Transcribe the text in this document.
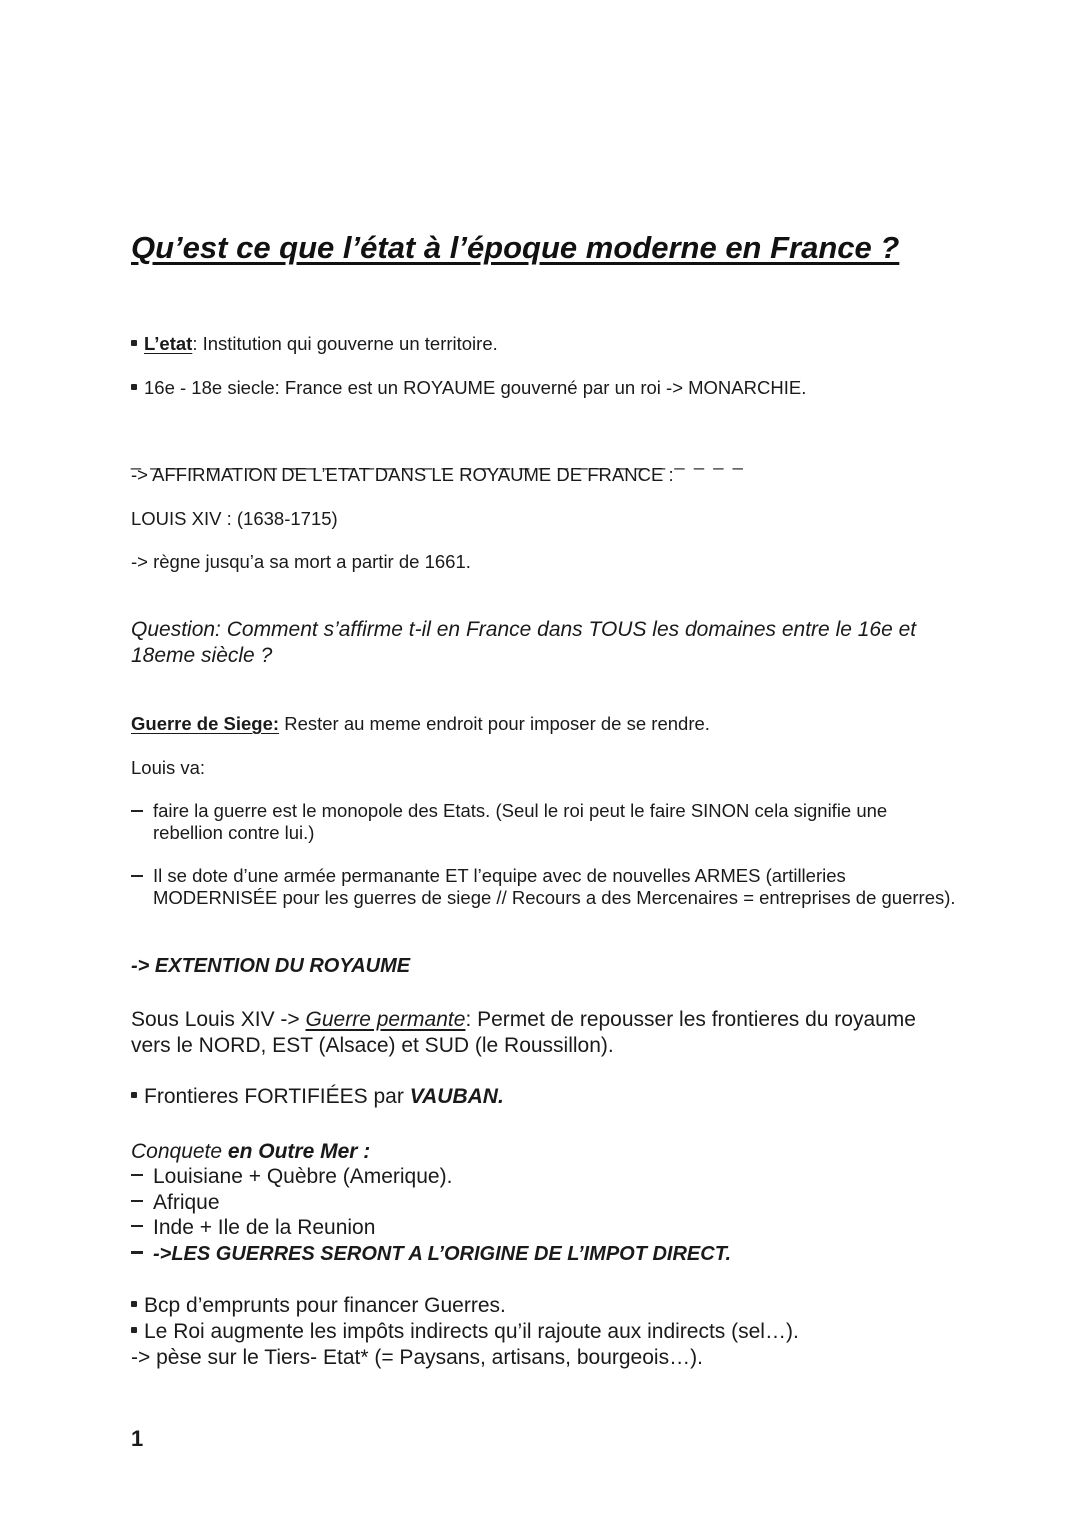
Qu’est ce que l’état à l’époque moderne en France ?
L’etat: Institution qui gouverne un territoire.
16e - 18e siecle: France est un ROYAUME gouverné par un roi -> MONARCHIE.
_ _ _ _ _ _ _ _ _ _ _ _ _ _ _ _ _ _ _ _ _ _ _ _ _ _ _ _ _ _ _ _
-> AFFIRMATION DE L’ETAT DANS LE ROYAUME DE FRANCE :
LOUIS XIV : (1638-1715)
-> règne jusqu’a sa mort a partir de 1661.
Question: Comment s’affirme t-il en France dans TOUS les domaines entre le 16e et 18eme siècle ?
Guerre de Siege: Rester au meme endroit pour imposer de se rendre.
Louis va:
faire la guerre est le monopole des Etats. (Seul le roi peut le faire SINON cela signifie une rebellion contre lui.)
Il se dote d’une armée permanante ET l’equipe avec de nouvelles ARMES (artilleries MODERNISÉE pour les guerres de siege // Recours a des Mercenaires = entreprises de guerres).
-> EXTENTION DU ROYAUME
Sous Louis XIV -> Guerre permante: Permet de repousser les frontieres du royaume vers le NORD, EST (Alsace) et SUD (le Roussillon).
Frontieres FORTIFIÉES par VAUBAN.
Conquete en Outre Mer :
Louisiane + Quèbre (Amerique).
Afrique
Inde + Ile de la Reunion
->LES GUERRES SERONT A L’ORIGINE DE L’IMPOT DIRECT.
Bcp d’emprunts pour financer Guerres.
Le Roi augmente les impôts indirects qu’il rajoute aux indirects (sel…).
-> pèse sur le Tiers- Etat* (= Paysans, artisans, bourgeois…).
1
